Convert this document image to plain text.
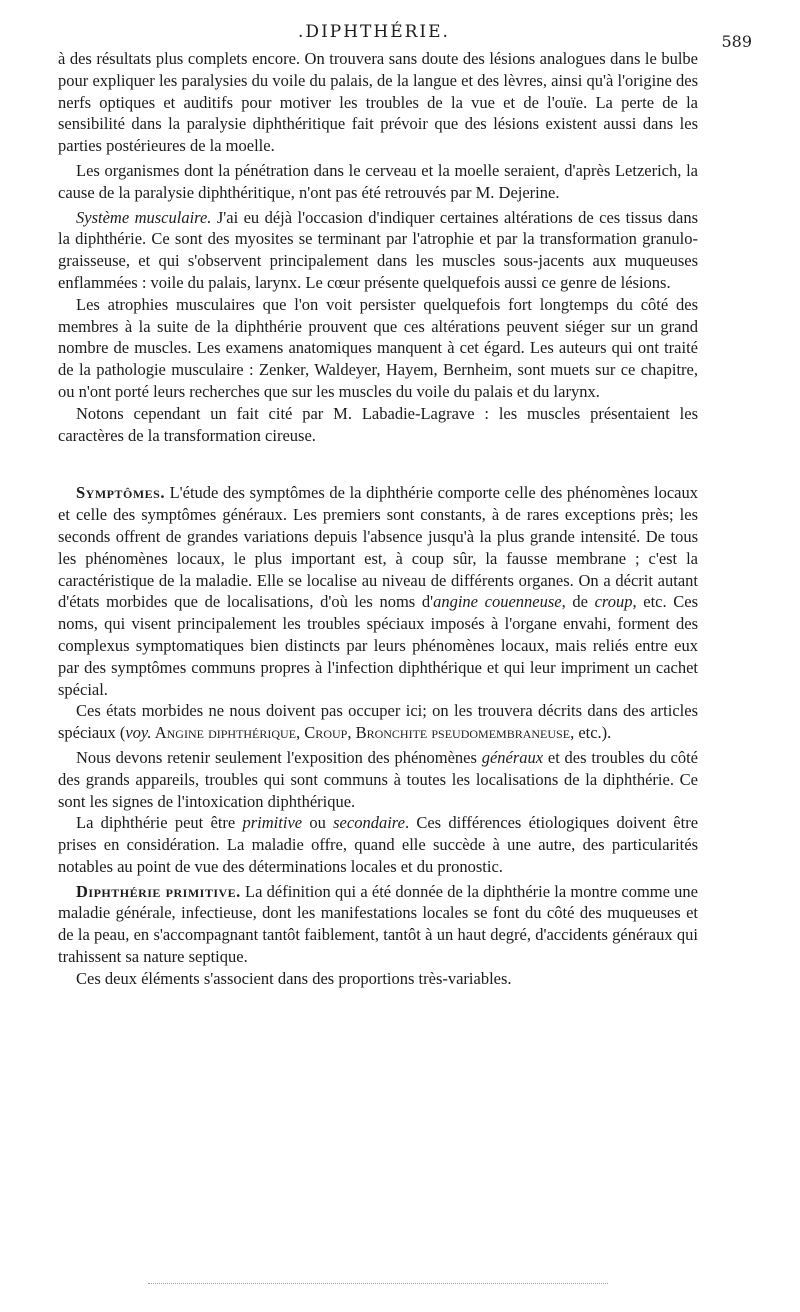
.DIPHTHÉRIE.	589

à des résultats plus complets encore. On trouvera sans doute des lésions analogues dans le bulbe pour expliquer les paralysies du voile du palais, de la langue et des lèvres, ainsi qu'à l'origine des nerfs optiques et auditifs pour motiver les troubles de la vue et de l'ouïe. La perte de la sensibilité dans la paralysie diphthéritique fait prévoir que des lésions existent aussi dans les parties postérieures de la moelle.

Les organismes dont la pénétration dans le cerveau et la moelle seraient, d'après Letzerich, la cause de la paralysie diphthéritique, n'ont pas été retrouvés par M. Dejerine.

Système musculaire. J'ai eu déjà l'occasion d'indiquer certaines altérations de ces tissus dans la diphthérie. Ce sont des myosites se terminant par l'atrophie et par la transformation granulo-graisseuse, et qui s'observent principalement dans les muscles sous-jacents aux muqueuses enflammées : voile du palais, larynx. Le cœur présente quelquefois aussi ce genre de lésions.

Les atrophies musculaires que l'on voit persister quelquefois fort longtemps du côté des membres à la suite de la diphthérie prouvent que ces altérations peuvent siéger sur un grand nombre de muscles. Les examens anatomiques manquent à cet égard. Les auteurs qui ont traité de la pathologie musculaire : Zenker, Waldeyer, Hayem, Bernheim, sont muets sur ce chapitre, ou n'ont porté leurs recherches que sur les muscles du voile du palais et du larynx.

Notons cependant un fait cité par M. Labadie-Lagrave : les muscles présentaient les caractères de la transformation cireuse.

Symptômes. L'étude des symptômes de la diphthérie comporte celle des phénomènes locaux et celle des symptômes généraux. Les premiers sont constants, à de rares exceptions près; les seconds offrent de grandes variations depuis l'absence jusqu'à la plus grande intensité. De tous les phénomènes locaux, le plus important est, à coup sûr, la fausse membrane ; c'est la caractéristique de la maladie. Elle se localise au niveau de différents organes. On a décrit autant d'états morbides que de localisations, d'où les noms d'angine couenneuse, de croup, etc. Ces noms, qui visent principalement les troubles spéciaux imposés à l'organe envahi, forment des complexus symptomatiques bien distincts par leurs phénomènes locaux, mais reliés entre eux par des symptômes communs propres à l'infection diphthérique et qui leur impriment un cachet spécial.

Ces états morbides ne nous doivent pas occuper ici; on les trouvera décrits dans des articles spéciaux (voy. Angine diphthérique, Croup, Bronchite pseudomembraneuse, etc.).

Nous devons retenir seulement l'exposition des phénomènes généraux et des troubles du côté des grands appareils, troubles qui sont communs à toutes les localisations de la diphthérie. Ce sont les signes de l'intoxication diphthérique.

La diphthérie peut être primitive ou secondaire. Ces différences étiologiques doivent être prises en considération. La maladie offre, quand elle succède à une autre, des particularités notables au point de vue des déterminations locales et du pronostic.

Diphthérie primitive. La définition qui a été donnée de la diphthérie la montre comme une maladie générale, infectieuse, dont les manifestations locales se font du côté des muqueuses et de la peau, en s'accompagnant tantôt faiblement, tantôt à un haut degré, d'accidents généraux qui trahissent sa nature septique.

Ces deux éléments s'associent dans des proportions très-variables.
